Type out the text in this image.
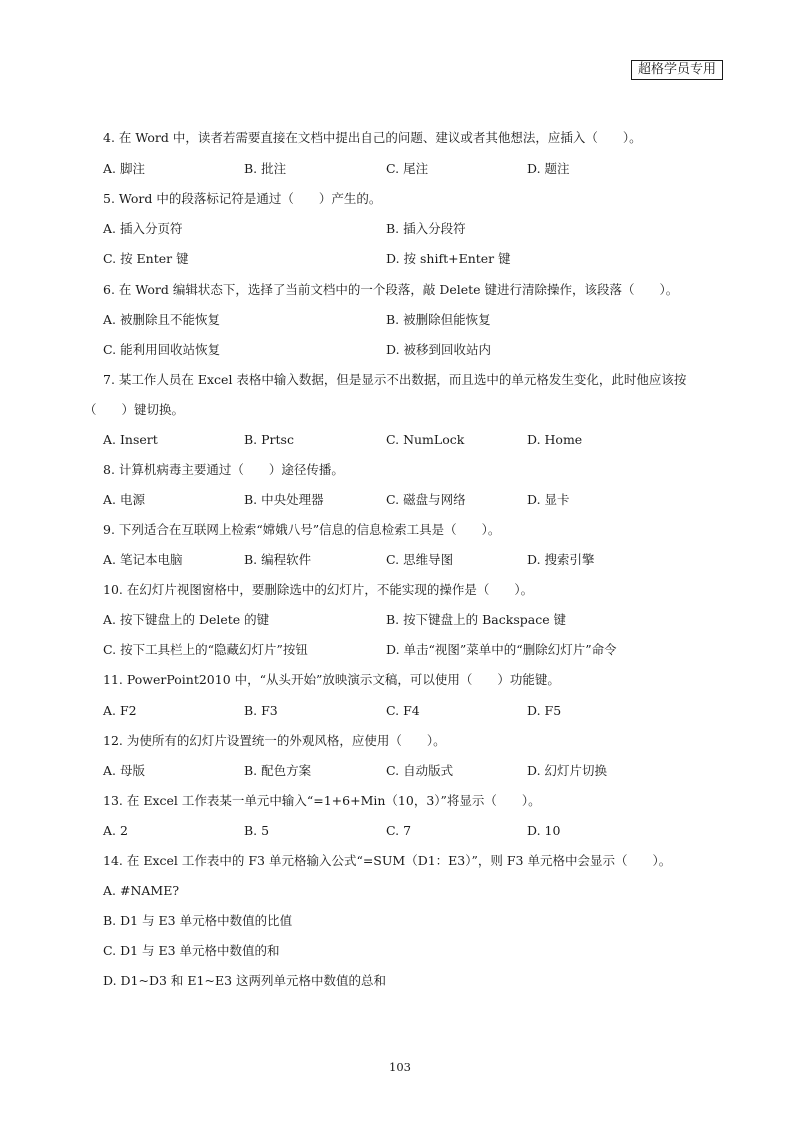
超格学员专用
4. 在 Word 中，读者若需要直接在文档中提出自己的问题、建议或者其他想法，应插入（　　）。
A. 脚注	B. 批注	C. 尾注	D. 题注
5. Word 中的段落标记符是通过（　　）产生的。
A. 插入分页符	B. 插入分段符
C. 按 Enter 键	D. 按 shift+Enter 键
6. 在 Word 编辑状态下，选择了当前文档中的一个段落，敲 Delete 键进行清除操作，该段落（　　）。
A. 被删除且不能恢复	B. 被删除但能恢复
C. 能利用回收站恢复	D. 被移到回收站内
7. 某工作人员在 Excel 表格中输入数据，但是显示不出数据，而且选中的单元格发生变化，此时他应该按
（　　）键切换。
A. Insert	B. Prtsc	C. NumLock	D. Home
8. 计算机病毒主要通过（　　）途径传播。
A. 电源	B. 中央处理器	C. 磁盘与网络	D. 显卡
9. 下列适合在互联网上检索“嫦娥八号”信息的信息检索工具是（　　）。
A. 笔记本电脑	B. 编程软件	C. 思维导图	D. 搜索引擎
10. 在幻灯片视图窗格中，要删除选中的幻灯片，不能实现的操作是（　　）。
A. 按下键盘上的 Delete 的键	B. 按下键盘上的 Backspace 键
C. 按下工具栏上的“隐藏幻灯片”按钮	D. 单击“视图”菜单中的“删除幻灯片”命令
11. PowerPoint2010 中，“从头开始”放映演示文稿，可以使用（　　）功能键。
A. F2	B. F3	C. F4	D. F5
12. 为使所有的幻灯片设置统一的外观风格，应使用（　　）。
A. 母版	B. 配色方案	C. 自动版式	D. 幻灯片切换
13. 在 Excel 工作表某一单元中输入“=1+6+Min（10，3）”将显示（　　）。
A. 2	B. 5	C. 7	D. 10
14. 在 Excel 工作表中的 F3 单元格输入公式“=SUM（D1：E3）”，则 F3 单元格中会显示（　　）。
A. #NAME?
B. D1 与 E3 单元格中数值的比值
C. D1 与 E3 单元格中数值的和
D. D1~D3 和 E1~E3 这两列单元格中数值的总和
103
